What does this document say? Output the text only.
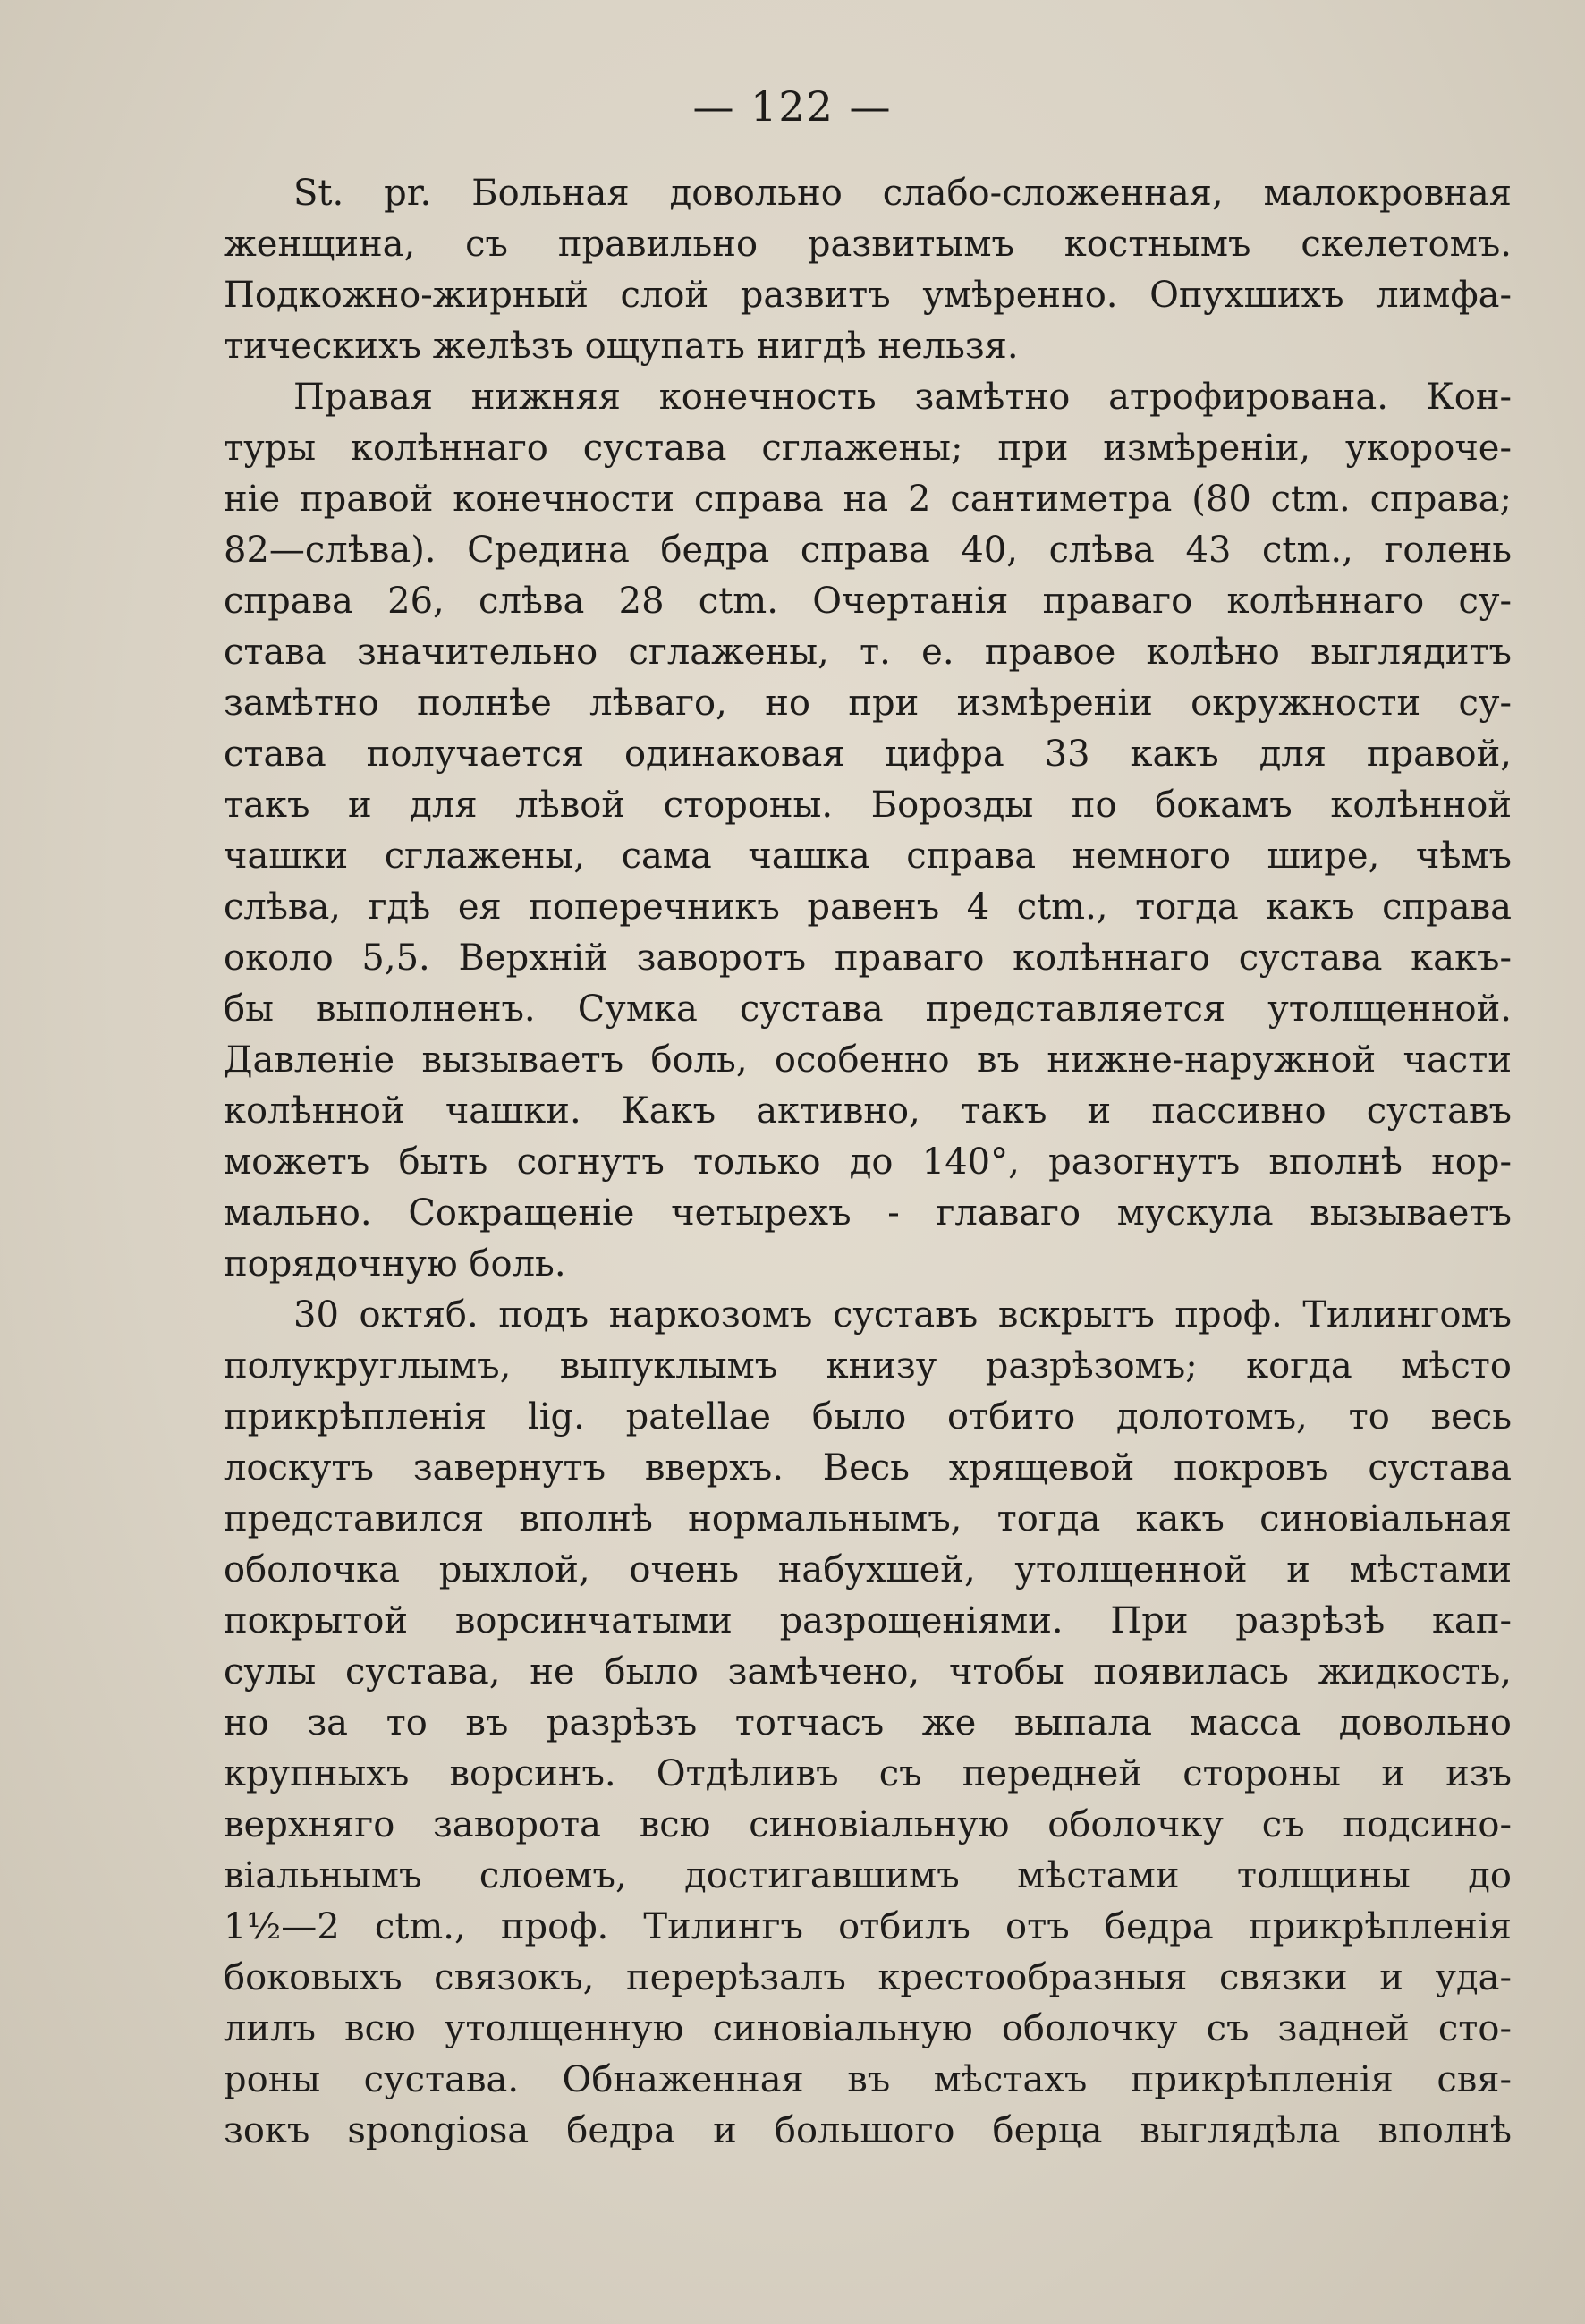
— 122 —
St. pr. Больная довольно слабо-сложенная, малокровная
женщина, съ правильно развитымъ костнымъ скелетомъ.
Подкожно-жирный слой развитъ умѣренно. Опухшихъ лимфа-
тическихъ желѣзъ ощупать нигдѣ нельзя.
Правая нижняя конечность замѣтно атрофирована. Кон-
туры колѣннаго сустава сглажены; при измѣреніи, укороче-
ніе правой конечности справа на 2 сантиметра (80 ctm. справа;
82—слѣва). Средина бедра справа 40, слѣва 43 ctm., голень
справа 26, слѣва 28 ctm. Очертанія праваго колѣннаго су-
става значительно сглажены, т. е. правое колѣно выглядитъ
замѣтно полнѣе лѣваго, но при измѣреніи окружности су-
става получается одинаковая цифра 33 какъ для правой,
такъ и для лѣвой стороны. Борозды по бокамъ колѣнной
чашки сглажены, сама чашка справа немного шире, чѣмъ
слѣва, гдѣ ея поперечникъ равенъ 4 ctm., тогда какъ справа
около 5,5. Верхній заворотъ праваго колѣннаго сустава какъ-
бы выполненъ. Сумка сустава представляется утолщенной.
Давленіе вызываетъ боль, особенно въ нижне-наружной части
колѣнной чашки. Какъ активно, такъ и пассивно суставъ
можетъ быть согнутъ только до 140°, разогнутъ вполнѣ нор-
мально. Сокращеніе четырехъ - главаго мускула вызываетъ
порядочную боль.
30 октяб. подъ наркозомъ суставъ вскрытъ проф. Тилингомъ
полукруглымъ, выпуклымъ книзу разрѣзомъ; когда мѣсто
прикрѣпленія lig. patellae было отбито долотомъ, то весь
лоскутъ завернутъ вверхъ. Весь хрящевой покровъ сустава
представился вполнѣ нормальнымъ, тогда какъ синовіальная
оболочка рыхлой, очень набухшей, утолщенной и мѣстами
покрытой ворсинчатыми разрощеніями. При разрѣзѣ кап-
сулы сустава, не было замѣчено, чтобы появилась жидкость,
но за то въ разрѣзъ тотчасъ же выпала масса довольно
крупныхъ ворсинъ. Отдѣливъ съ передней стороны и изъ
верхняго заворота всю синовіальную оболочку съ подсино-
віальнымъ слоемъ, достигавшимъ мѣстами толщины до
1½—2 ctm., проф. Тилингъ отбилъ отъ бедра прикрѣпленія
боковыхъ связокъ, перерѣзалъ крестообразныя связки и уда-
лилъ всю утолщенную синовіальную оболочку съ задней сто-
роны сустава. Обнаженная въ мѣстахъ прикрѣпленія свя-
зокъ spongiosa бедра и большого берца выглядѣла вполнѣ
